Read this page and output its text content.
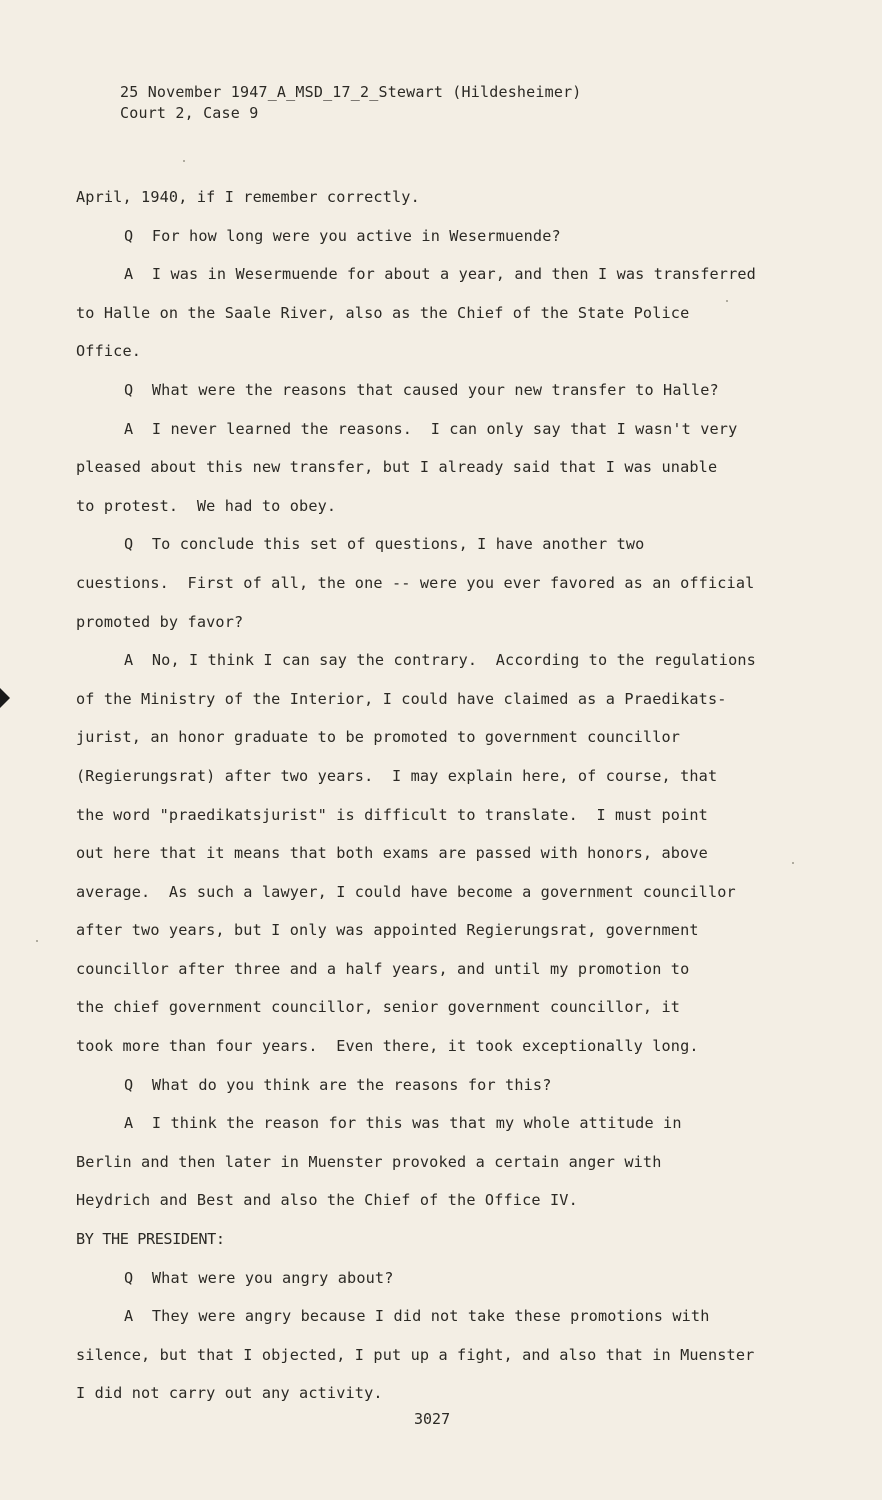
25 November 1947_A_MSD_17_2_Stewart (Hildesheimer)
Court 2, Case 9
April, 1940, if I remember correctly.
Q  For how long were you active in Wesermuende?
A  I was in Wesermuende for about a year, and then I was transferred
to Halle on the Saale River, also as the Chief of the State Police
Office.
Q  What were the reasons that caused your new transfer to Halle?
A  I never learned the reasons.  I can only say that I wasn't very
pleased about this new transfer, but I already said that I was unable
to protest.  We had to obey.
Q  To conclude this set of questions, I have another two
cuestions.  First of all, the one -- were you ever favored as an official
promoted by favor?
A  No, I think I can say the contrary.  According to the regulations
of the Ministry of the Interior, I could have claimed as a Praedikats-
jurist, an honor graduate to be promoted to government councillor
(Regierungsrat) after two years.  I may explain here, of course, that
the word "praedikatsjurist" is difficult to translate.  I must point
out here that it means that both exams are passed with honors, above
average.  As such a lawyer, I could have become a government councillor
after two years, but I only was appointed Regierungsrat, government
councillor after three and a half years, and until my promotion to
the chief government councillor, senior government councillor, it
took more than four years.  Even there, it took exceptionally long.
Q  What do you think are the reasons for this?
A  I think the reason for this was that my whole attitude in
Berlin and then later in Muenster provoked a certain anger with
Heydrich and Best and also the Chief of the Office IV.
BY THE PRESIDENT:
Q  What were you angry about?
A  They were angry because I did not take these promotions with
silence, but that I objected, I put up a fight, and also that in Muenster
I did not carry out any activity.
3027
